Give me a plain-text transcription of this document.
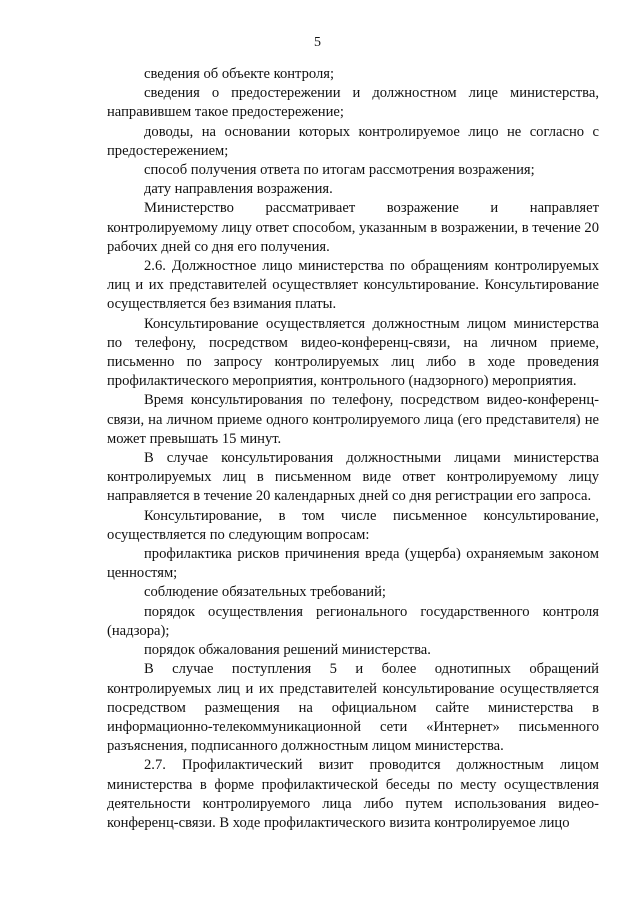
5

сведения об объекте контроля;

сведения о предостережении и должностном лице министерства, направившем такое предостережение;

доводы, на основании которых контролируемое лицо не согласно с предостережением;

способ получения ответа по итогам рассмотрения возражения;

дату направления возражения.

Министерство рассматривает возражение и направляет контролируемому лицу ответ способом, указанным в возражении, в течение 20 рабочих дней со дня его получения.

2.6. Должностное лицо министерства по обращениям контролируемых лиц и их представителей осуществляет консультирование. Консультирование осуществляется без взимания платы.

Консультирование осуществляется должностным лицом министерства по телефону, посредством видео-конференц-связи, на личном приеме, письменно по запросу контролируемых лиц либо в ходе проведения профилактического мероприятия, контрольного (надзорного) мероприятия.

Время консультирования по телефону, посредством видео-конференц-связи, на личном приеме одного контролируемого лица (его представителя) не может превышать 15 минут.

В случае консультирования должностными лицами министерства контролируемых лиц в письменном виде ответ контролируемому лицу направляется в течение 20 календарных дней со дня регистрации его запроса.

Консультирование, в том числе письменное консультирование, осуществляется по следующим вопросам:

профилактика рисков причинения вреда (ущерба) охраняемым законом ценностям;

соблюдение обязательных требований;

порядок осуществления регионального государственного контроля (надзора);

порядок обжалования решений министерства.

В случае поступления 5 и более однотипных обращений контролируемых лиц и их представителей консультирование осуществляется посредством размещения на официальном сайте министерства в информационно-телекоммуникационной сети «Интернет» письменного разъяснения, подписанного должностным лицом министерства.

2.7. Профилактический визит проводится должностным лицом министерства в форме профилактической беседы по месту осуществления деятельности контролируемого лица либо путем использования видео-конференц-связи. В ходе профилактического визита контролируемое лицо
